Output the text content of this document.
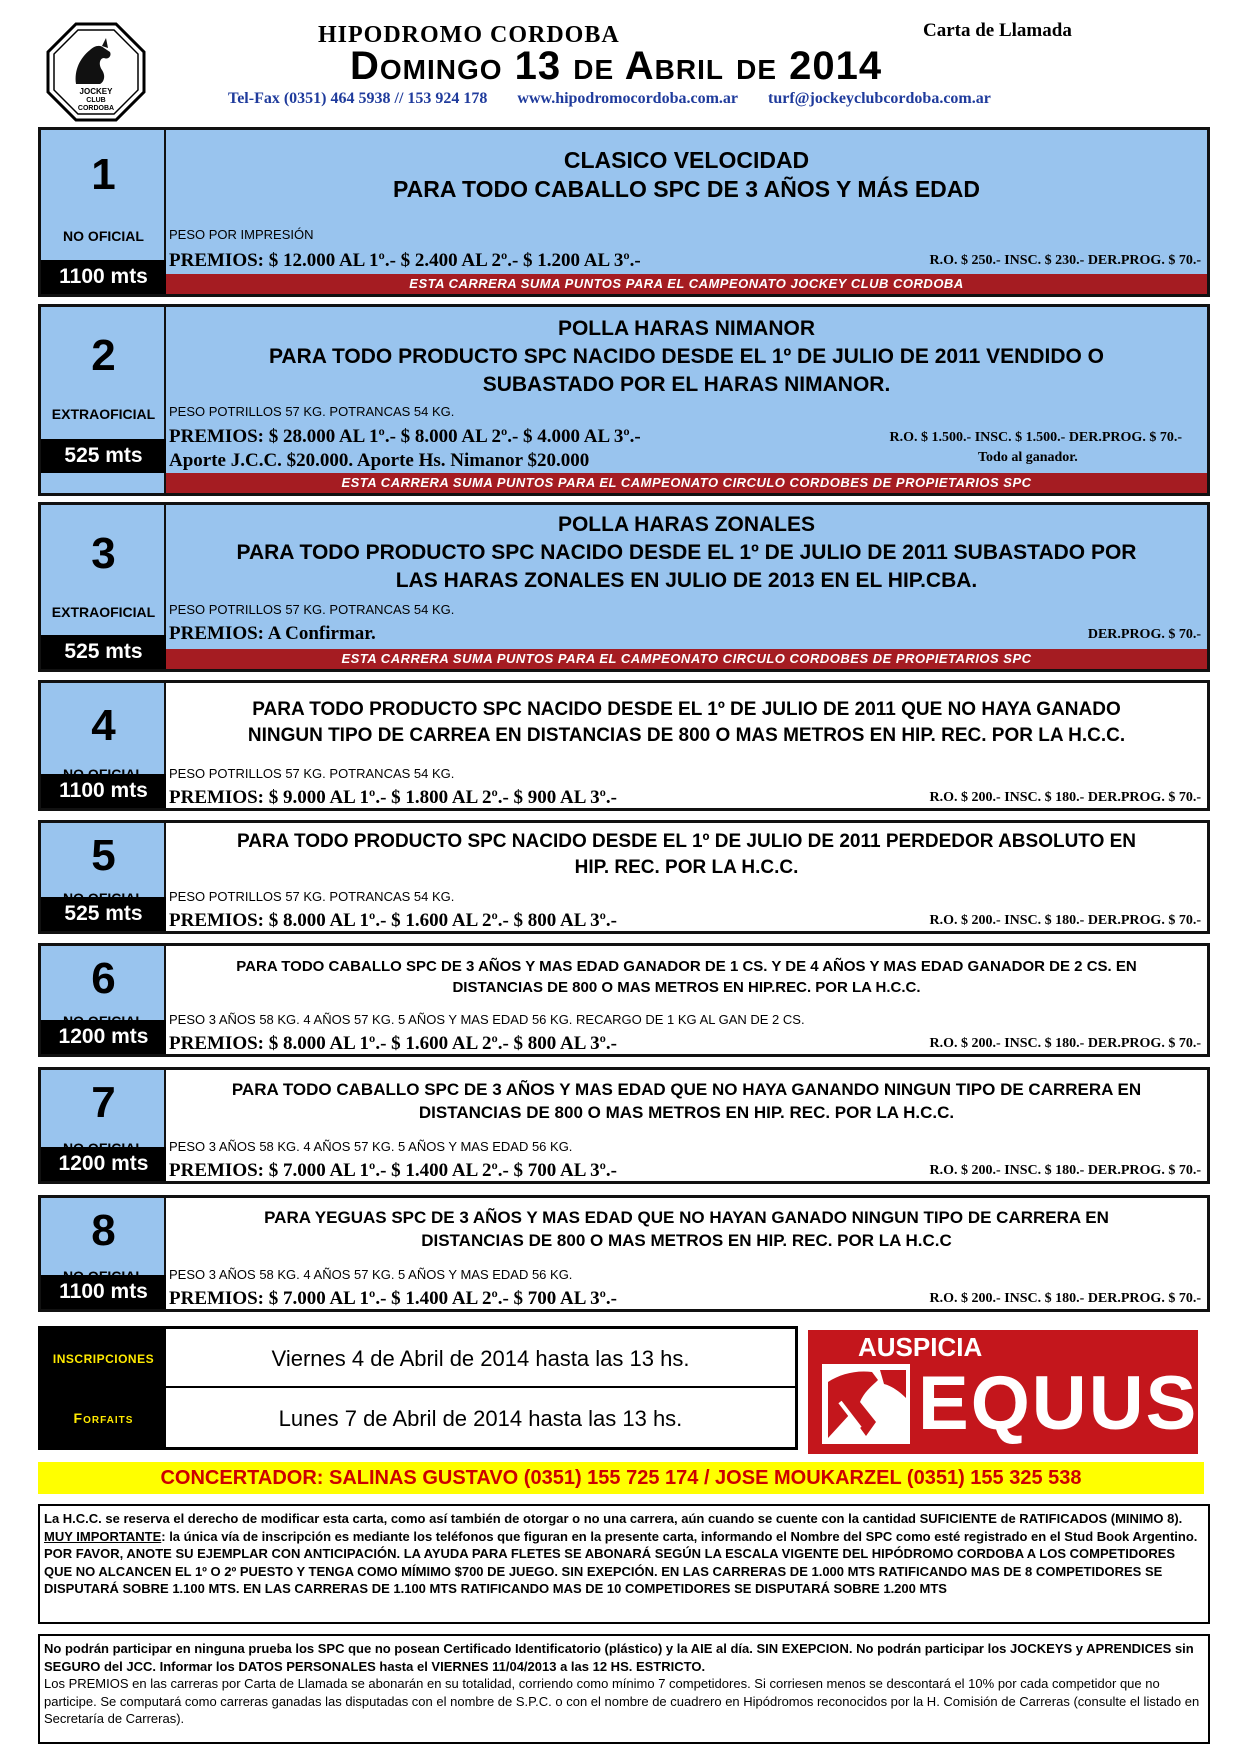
JOCKEY
CLUB
CORDOBA
HIPODROMO CORDOBA	Carta de Llamada
Domingo 13 de Abril de 2014
Tel-Fax (0351) 464 5938 // 153 924 178 www.hipodromocordoba.com.ar turf@jockeyclubcordoba.com.ar
1
NO OFICIAL
1100 mts
CLASICO VELOCIDAD
PARA TODO CABALLO SPC DE 3 AÑOS Y MÁS EDAD
PESO POR IMPRESIÓN
PREMIOS: $ 12.000 AL 1º.- $ 2.400 AL 2º.- $ 1.200 AL 3º.-	R.O. $ 250.- INSC. $ 230.- DER.PROG. $ 70.-
ESTA CARRERA SUMA PUNTOS PARA EL CAMPEONATO JOCKEY CLUB CORDOBA
2
EXTRAOFICIAL
525 mts
POLLA HARAS NIMANOR
PARA TODO PRODUCTO SPC NACIDO DESDE EL 1º DE JULIO DE 2011 VENDIDO O
SUBASTADO POR EL HARAS NIMANOR.
PESO POTRILLOS 57 KG. POTRANCAS 54 KG.
PREMIOS: $ 28.000 AL 1º.- $ 8.000 AL 2º.- $ 4.000 AL 3º.-	R.O. $ 1.500.- INSC. $ 1.500.- DER.PROG. $ 70.-
Aporte J.C.C. $20.000. Aporte Hs. Nimanor $20.000	Todo al ganador.
ESTA CARRERA SUMA PUNTOS PARA EL CAMPEONATO CIRCULO CORDOBES DE PROPIETARIOS SPC
3
EXTRAOFICIAL
525 mts
POLLA HARAS ZONALES
PARA TODO PRODUCTO SPC NACIDO DESDE EL 1º DE JULIO DE 2011 SUBASTADO POR
LAS HARAS ZONALES EN JULIO DE 2013 EN EL HIP.CBA.
PESO POTRILLOS 57 KG. POTRANCAS 54 KG.
PREMIOS: A Confirmar.	DER.PROG. $ 70.-
ESTA CARRERA SUMA PUNTOS PARA EL CAMPEONATO CIRCULO CORDOBES DE PROPIETARIOS SPC
4
1100 mts
PARA TODO PRODUCTO SPC NACIDO DESDE EL 1º DE JULIO DE 2011 QUE NO HAYA GANADO
NINGUN TIPO DE CARREA EN DISTANCIAS DE 800 O MAS METROS EN HIP. REC. POR LA H.C.C.
PESO POTRILLOS 57 KG. POTRANCAS 54 KG.
PREMIOS: $ 9.000 AL 1º.- $ 1.800 AL 2º.- $ 900 AL 3º.-	R.O. $ 200.- INSC. $ 180.- DER.PROG. $ 70.-
5
525 mts
PARA TODO PRODUCTO SPC NACIDO DESDE EL 1º DE JULIO DE 2011 PERDEDOR ABSOLUTO EN
HIP. REC. POR LA H.C.C.
PESO POTRILLOS 57 KG. POTRANCAS 54 KG.
PREMIOS: $ 8.000 AL 1º.- $ 1.600 AL 2º.- $ 800 AL 3º.-	R.O. $ 200.- INSC. $ 180.- DER.PROG. $ 70.-
6
1200 mts
PARA TODO CABALLO SPC DE 3 AÑOS Y MAS EDAD GANADOR DE 1 CS. Y DE 4 AÑOS Y MAS EDAD GANADOR DE 2 CS. EN
DISTANCIAS DE 800 O MAS METROS EN HIP.REC. POR LA H.C.C.
PESO 3 AÑOS 58 KG. 4 AÑOS 57 KG. 5 AÑOS Y MAS EDAD 56 KG. RECARGO DE 1 KG AL GAN DE 2 CS.
PREMIOS: $ 8.000 AL 1º.- $ 1.600 AL 2º.- $ 800 AL 3º.-	R.O. $ 200.- INSC. $ 180.- DER.PROG. $ 70.-
7
1200 mts
PARA TODO CABALLO SPC DE 3 AÑOS Y MAS EDAD QUE NO HAYA GANANDO NINGUN TIPO DE CARRERA EN
DISTANCIAS DE 800 O MAS METROS EN HIP. REC. POR LA H.C.C.
PESO 3 AÑOS 58 KG. 4 AÑOS 57 KG. 5 AÑOS Y MAS EDAD 56 KG.
PREMIOS: $ 7.000 AL 1º.- $ 1.400 AL 2º.- $ 700 AL 3º.-	R.O. $ 200.- INSC. $ 180.- DER.PROG. $ 70.-
8
1100 mts
PARA YEGUAS SPC DE 3 AÑOS Y MAS EDAD QUE NO HAYAN GANADO NINGUN TIPO DE CARRERA EN
DISTANCIAS DE 800 O MAS METROS EN HIP. REC. POR LA H.C.C
PESO 3 AÑOS 58 KG. 4 AÑOS 57 KG. 5 AÑOS Y MAS EDAD 56 KG.
PREMIOS: $ 7.000 AL 1º.- $ 1.400 AL 2º.- $ 700 AL 3º.-	R.O. $ 200.- INSC. $ 180.- DER.PROG. $ 70.-
INSCRIPCIONES	Viernes 4 de Abril de 2014 hasta las 13 hs.
Forfaits	Lunes 7 de Abril de 2014 hasta las 13 hs.
AUSPICIA
EQUUS
CONCERTADOR: SALINAS GUSTAVO (0351) 155 725 174 / JOSE MOUKARZEL (0351) 155 325 538
La H.C.C. se reserva el derecho de modificar esta carta, como así también de otorgar o no una carrera, aún cuando se cuente con la cantidad SUFICIENTE de RATIFICADOS (MINIMO 8). MUY IMPORTANTE: la única vía de inscripción es mediante los teléfonos que figuran en la presente carta, informando el Nombre del SPC como esté registrado en el Stud Book Argentino. POR FAVOR, ANOTE SU EJEMPLAR CON ANTICIPACIÓN. LA AYUDA PARA FLETES SE ABONARÁ SEGÚN LA ESCALA VIGENTE DEL HIPÓDROMO CORDOBA A LOS COMPETIDORES QUE NO ALCANCEN EL 1º O 2º PUESTO Y TENGA COMO MÍMIMO $700 DE JUEGO. SIN EXEPCIÓN. EN LAS CARRERAS DE 1.000 MTS RATIFICANDO MAS DE 8 COMPETIDORES SE DISPUTARÁ SOBRE 1.100 MTS. EN LAS CARRERAS DE 1.100 MTS RATIFICANDO MAS DE 10 COMPETIDORES SE DISPUTARÁ SOBRE 1.200 MTS
No podrán participar en ninguna prueba los SPC que no posean Certificado Identificatorio (plástico) y la AIE al día. SIN EXEPCION. No podrán participar los JOCKEYS y APRENDICES sin SEGURO del JCC. Informar los DATOS PERSONALES hasta el VIERNES 11/04/2013 a las 12 HS. ESTRICTO.
Los PREMIOS en las carreras por Carta de Llamada se abonarán en su totalidad, corriendo como mínimo 7 competidores. Si corriesen menos se descontará el 10% por cada competidor que no participe. Se computará como carreras ganadas las disputadas con el nombre de S.P.C. o con el nombre de cuadrero en Hipódromos reconocidos por la H. Comisión de Carreras (consulte el listado en Secretaría de Carreras).
